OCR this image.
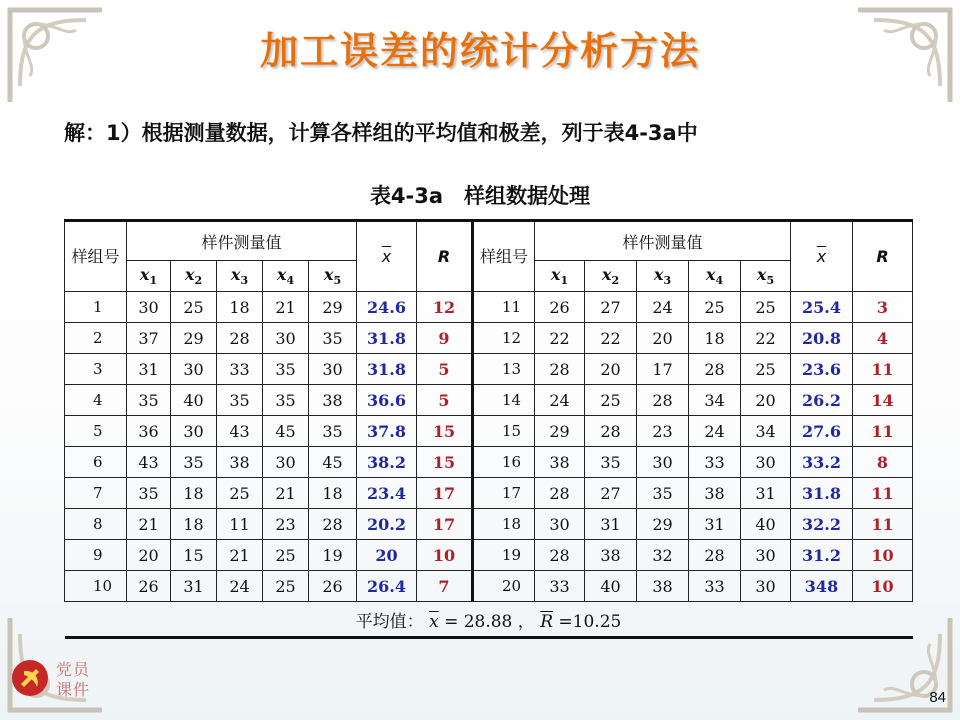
加工误差的统计分析方法
解：1）根据测量数据，计算各样组的平均值和极差，列于表4-3a中
表4-3a　样组数据处理
样组号	样件测量值					$\overline{x}$	R	样组号	样件测量值					$\overline{x}$	R
	$x_1$	$x_2$	$x_3$	$x_4$	$x_5$				$x_1$	$x_2$	$x_3$	$x_4$	$x_5$
1	30	25	18	21	29	24.6	12	11	26	27	24	25	25	25.4	3
2	37	29	28	30	35	31.8	9	12	22	22	20	18	22	20.8	4
3	31	30	33	35	30	31.8	5	13	28	20	17	28	25	23.6	11
4	35	40	35	35	38	36.6	5	14	24	25	28	34	20	26.2	14
5	36	30	43	45	35	37.8	15	15	29	28	23	24	34	27.6	11
6	43	35	38	30	45	38.2	15	16	38	35	30	33	30	33.2	8
7	35	18	25	21	18	23.4	17	17	28	27	35	38	31	31.8	11
8	21	18	11	23	28	20.2	17	18	30	31	29	31	40	32.2	11
9	20	15	21	25	19	20	10	19	28	38	32	28	30	31.2	10
10	26	31	24	25	26	26.4	7	20	33	40	38	33	30	348	10
平均值： $\overline{x} = 28.88$ ， $\overline{R} =10.25$															
党员课件	84
